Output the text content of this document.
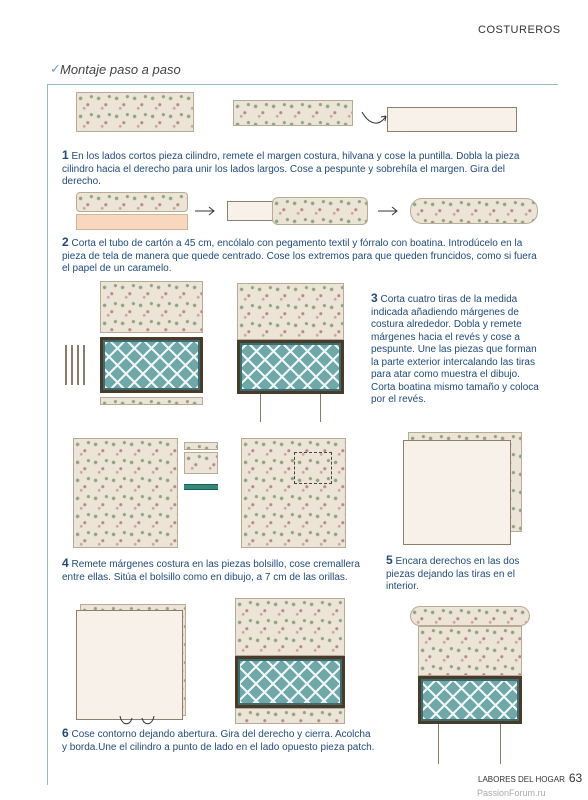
COSTUREROS
✓ Montaje paso a paso
1 En los lados cortos pieza cilindro, remete el margen costura, hilvana y cose la puntilla. Dobla la pieza cilindro hacia el derecho para unir los lados largos. Cose a pespunte y sobrehíla el margen. Gira del derecho.
2 Corta el tubo de cartón a 45 cm, encólalo con pegamento textil y fórralo con boatina. Introdúcelo en la pieza de tela de manera que quede centrado. Cose los extremos para que queden fruncidos, como si fuera el papel de un caramelo.
3 Corta cuatro tiras de la medida indicada añadiendo márgenes de costura alrededor. Dobla y remete márgenes hacia el revés y cose a pespunte. Une las piezas que forman la parte exterior intercalando las tiras para atar como muestra el dibujo. Corta boatina mismo tamaño y coloca por el revés.
4 Remete márgenes costura en las piezas bolsillo, cose cremallera entre ellas. Sitúa el bolsillo como en dibujo, a 7 cm de las orillas.
5 Encara derechos en las dos piezas dejando las tiras en el interior.
6 Cose contorno dejando abertura. Gira del derecho y cierra. Acolcha y borda.Une el cilindro a punto de lado en el lado opuesto pieza patch.
LABORES DEL HOGAR 63
PassionForum.ru
